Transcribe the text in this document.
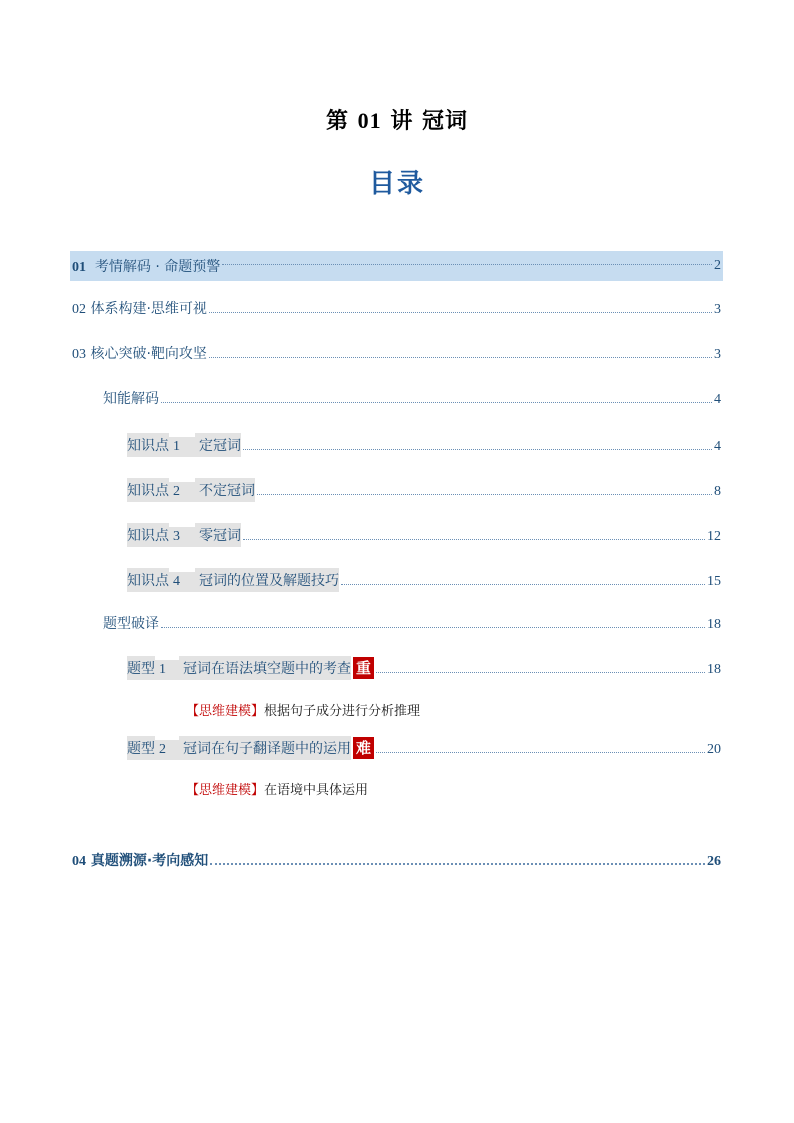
第 01 讲 冠词
目录
01 考情解码 · 命题预警	2
02 体系构建·思维可视	3
03 核心突破·靶向攻坚	3
知能解码	4
知识点 1 定冠词	4
知识点 2 不定冠词	8
知识点 3 零冠词	12
知识点 4 冠词的位置及解题技巧	15
题型破译	18
题型 1 冠词在语法填空题中的考查 重	18
【思维建模】根据句子成分进行分析推理
题型 2 冠词在句子翻译题中的运用 难	20
【思维建模】在语境中具体运用
04 真题溯源·考向感知	26
